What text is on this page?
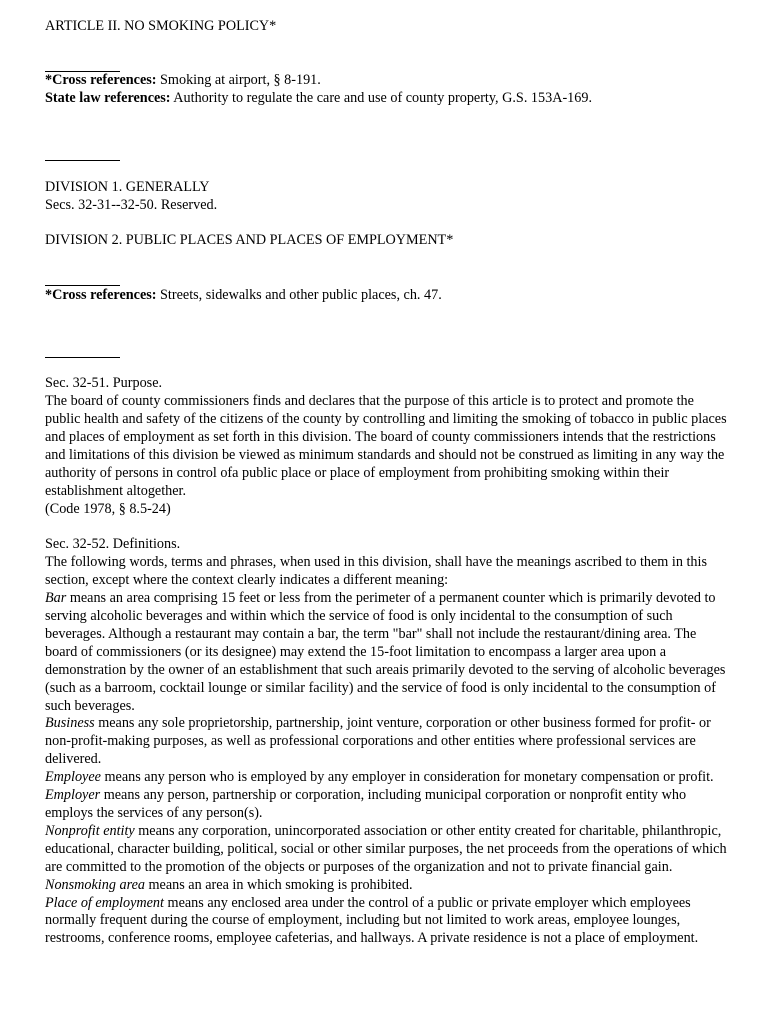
ARTICLE II. NO SMOKING POLICY*

*Cross references: Smoking at airport, § 8-191.

State law references: Authority to regulate the care and use of county property, G.S. 153A-169.

DIVISION 1. GENERALLY

Secs. 32-31--32-50. Reserved.

DIVISION 2. PUBLIC PLACES AND PLACES OF EMPLOYMENT*

*Cross references: Streets, sidewalks and other public places, ch. 47.

Sec. 32-51. Purpose.

The board of county commissioners finds and declares that the purpose of this article is to protect and promote the public health and safety of the citizens of the county by controlling and limiting the smoking of tobacco in public places and places of employment as set forth in this division. The board of county commissioners intends that the restrictions and limitations of this division be viewed as minimum standards and should not be construed as limiting in any way the authority of persons in control ofa public place or place of employment from prohibiting smoking within their establishment altogether.

(Code 1978, § 8.5-24)

Sec. 32-52. Definitions.

The following words, terms and phrases, when used in this division, shall have the meanings ascribed to them in this section, except where the context clearly indicates a different meaning:

Bar means an area comprising 15 feet or less from the perimeter of a permanent counter which is primarily devoted to serving alcoholic beverages and within which the service of food is only incidental to the consumption of such beverages. Although a restaurant may contain a bar, the term "bar" shall not include the restaurant/dining area. The board of commissioners (or its designee) may extend the 15-foot limitation to encompass a larger area upon a demonstration by the owner of an establishment that such areais primarily devoted to the serving of alcoholic beverages (such as a barroom, cocktail lounge or similar facility) and the service of food is only incidental to the consumption of such beverages.

Business means any sole proprietorship, partnership, joint venture, corporation or other business formed for profit- or non-profit-making purposes, as well as professional corporations and other entities where professional services are delivered.

Employee means any person who is employed by any employer in consideration for monetary compensation or profit.

Employer means any person, partnership or corporation, including municipal corporation or nonprofit entity who employs the services of any person(s).

Nonprofit entity means any corporation, unincorporated association or other entity created for charitable, philanthropic, educational, character building, political, social or other similar purposes, the net proceeds from the operations of which are committed to the promotion of the objects or purposes of the organization and not to private financial gain.

Nonsmoking area means an area in which smoking is prohibited.

Place of employment means any enclosed area under the control of a public or private employer which employees normally frequent during the course of employment, including but not limited to work areas, employee lounges, restrooms, conference rooms, employee cafeterias, and hallways. A private residence is not a place of employment.
